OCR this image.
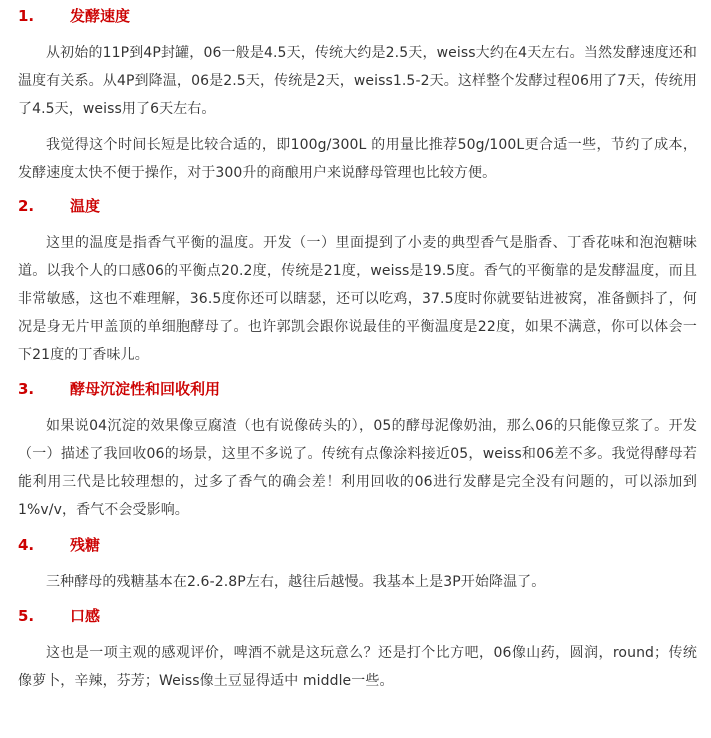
1.	发酵速度

从初始的11P到4P封罐，06一般是4.5天，传统大约是2.5天，weiss大约在4天左右。当然发酵速度还和温度有关系。从4P到降温，06是2.5天，传统是2天，weiss1.5-2天。这样整个发酵过程06用了7天，传统用了4.5天，weiss用了6天左右。

我觉得这个时间长短是比较合适的，即100g/300L 的用量比推荐50g/100L更合适一些，节约了成本，发酵速度太快不便于操作，对于300升的商酿用户来说酵母管理也比较方便。

2.	温度

这里的温度是指香气平衡的温度。开发（一）里面提到了小麦的典型香气是脂香、丁香花味和泡泡糖味道。以我个人的口感06的平衡点20.2度，传统是21度，weiss是19.5度。香气的平衡靠的是发酵温度，而且非常敏感，这也不难理解，36.5度你还可以瞎瑟，还可以吃鸡，37.5度时你就要钻进被窝，准备颤抖了，何况是身无片甲盖顶的单细胞酵母了。也许郭凯会跟你说最佳的平衡温度是22度，如果不满意，你可以体会一下21度的丁香味儿。

3.	酵母沉淀性和回收利用

如果说04沉淀的效果像豆腐渣（也有说像砖头的），05的酵母泥像奶油，那么06的只能像豆浆了。开发（一）描述了我回收06的场景，这里不多说了。传统有点像涂料接近05，weiss和06差不多。我觉得酵母若能利用三代是比较理想的，过多了香气的确会差！利用回收的06进行发酵是完全没有问题的，可以添加到1%v/v，香气不会受影响。

4.	残糖

三种酵母的残糖基本在2.6-2.8P左右，越往后越慢。我基本上是3P开始降温了。

5.	口感

这也是一项主观的感观评价，啤酒不就是这玩意么？还是打个比方吧，06像山药，圆润，round；传统像萝卜，辛辣，芬芳；Weiss像土豆显得适中 middle一些。
